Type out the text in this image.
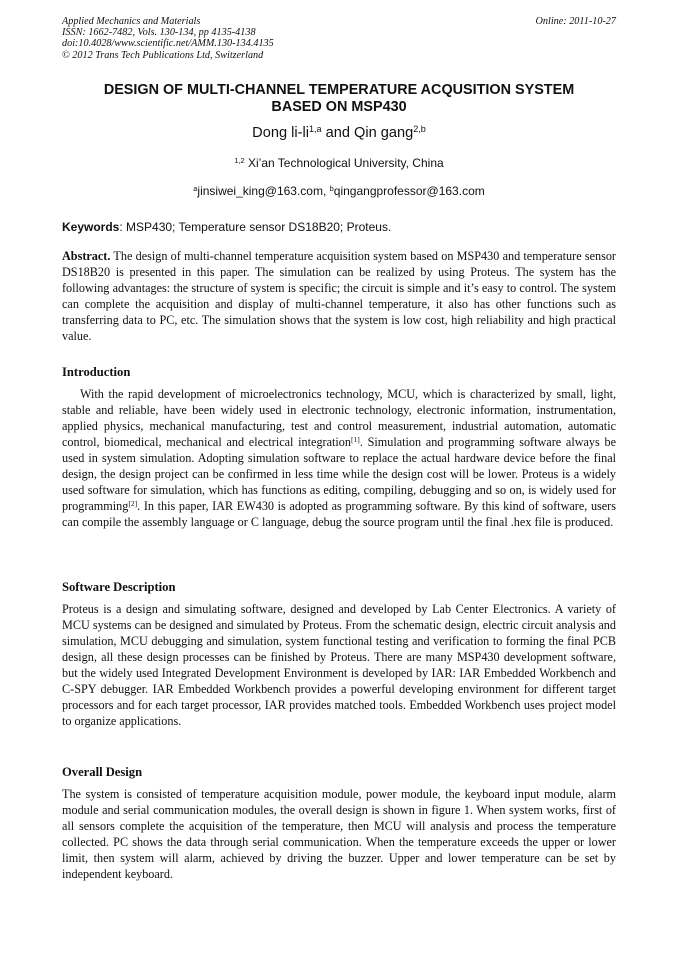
Applied Mechanics and Materials	Online: 2011-10-27
ISSN: 1662-7482, Vols. 130-134, pp 4135-4138
doi:10.4028/www.scientific.net/AMM.130-134.4135
© 2012 Trans Tech Publications Ltd, Switzerland
DESIGN OF MULTI-CHANNEL TEMPERATURE ACQUSITION SYSTEM
BASED ON MSP430
Dong li-li$^{1,a}$ and Qin gang$^{2,b}$
$^{1,2}$ Xi’an Technological University, China
$^a$jinsiwei_king@163.com, $^b$qingangprofessor@163.com
Keywords: MSP430; Temperature sensor DS18B20; Proteus.
Abstract. The design of multi-channel temperature acquisition system based on MSP430 and temperature sensor DS18B20 is presented in this paper. The simulation can be realized by using Proteus. The system has the following advantages: the structure of system is specific; the circuit is simple and it’s easy to control. The system can complete the acquisition and display of multi-channel temperature, it also has other functions such as transferring data to PC, etc. The simulation shows that the system is low cost, high reliability and high practical value.
Introduction
With the rapid development of microelectronics technology, MCU, which is characterized by small, light, stable and reliable, have been widely used in electronic technology, electronic information, instrumentation, applied physics, mechanical manufacturing, test and control measurement, industrial automation, automatic control, biomedical, mechanical and electrical integration[1]. Simulation and programming software always be used in system simulation. Adopting simulation software to replace the actual hardware device before the final design, the design project can be confirmed in less time while the design cost will be lower. Proteus is a widely used software for simulation, which has functions as editing, compiling, debugging and so on, is widely used for programming[2]. In this paper, IAR EW430 is adopted as programming software. By this kind of software, users can compile the assembly language or C language, debug the source program until the final .hex file is produced.
Software Description
Proteus is a design and simulating software, designed and developed by Lab Center Electronics. A variety of MCU systems can be designed and simulated by Proteus. From the schematic design, electric circuit analysis and simulation, MCU debugging and simulation, system functional testing and verification to forming the final PCB design, all these design processes can be finished by Proteus. There are many MSP430 development software, but the widely used Integrated Development Environment is developed by IAR: IAR Embedded Workbench and C-SPY debugger. IAR Embedded Workbench provides a powerful developing environment for different target processors and for each target processor, IAR provides matched tools. Embedded Workbench uses project model to organize applications.
Overall Design
The system is consisted of temperature acquisition module, power module, the keyboard input module, alarm module and serial communication modules, the overall design is shown in figure 1. When system works, first of all sensors complete the acquisition of the temperature, then MCU will analysis and process the temperature collected. PC shows the data through serial communication. When the temperature exceeds the upper or lower limit, then system will alarm, achieved by driving the buzzer. Upper and lower temperature can be set by independent keyboard.
